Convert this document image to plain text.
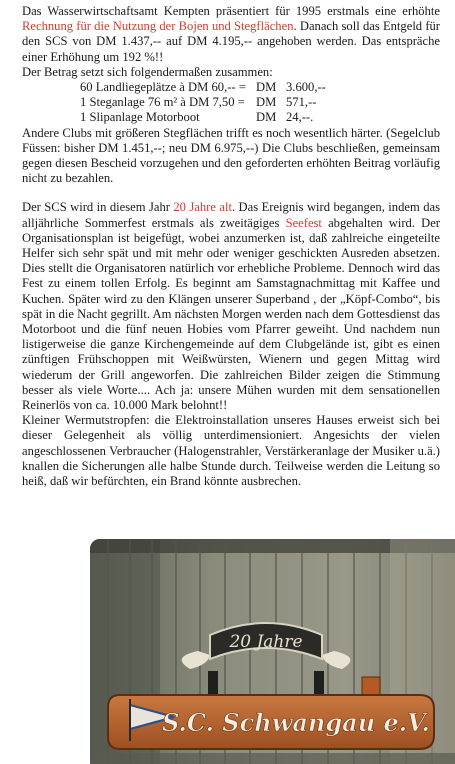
Das Wasserwirtschaftsamt Kempten präsentiert für 1995 erstmals eine erhöhte Rechnung für die Nutzung der Bojen und Stegflächen. Danach soll das Entgeld für den SCS von DM 1.437,-- auf DM 4.195,-- angehoben werden. Das entspräche einer Erhöhung um 192 %!!
Der Betrag setzt sich folgendermaßen zusammen:

60 Landliegeplätze à DM 60,-- =	DM	3.600,--
1 Steganlage 76 m² à DM 7,50 =	DM	571,--
1 Slipanlage Motorboot	DM	24,--.

Andere Clubs mit größeren Stegflächen trifft es noch wesentlich härter. (Segelclub Füssen: bisher DM 1.451,--; neu DM 6.975,--) Die Clubs beschließen, gemeinsam gegen diesen Bescheid vorzugehen und den geforderten erhöhten Beitrag vorläufig nicht zu bezahlen.

Der SCS wird in diesem Jahr 20 Jahre alt. Das Ereignis wird begangen, indem das alljährliche Sommerfest erstmals als zweitägiges Seefest abgehalten wird. Der Organisationsplan ist beigefügt, wobei anzumerken ist, daß zahlreiche eingeteilte Helfer sich sehr spät und mit mehr oder weniger geschickten Ausreden absetzen. Dies stellt die Organisatoren natürlich vor erhebliche Probleme. Dennoch wird das Fest zu einem tollen Erfolg. Es beginnt am Samstagnachmittag mit Kaffee und Kuchen. Später wird zu den Klängen unserer Superband , der „Köpf-Combo“, bis spät in die Nacht gegrillt. Am nächsten Morgen werden nach dem Gottesdienst das Motorboot und die fünf neuen Hobies vom Pfarrer geweiht. Und nachdem nun listigerweise die ganze Kirchengemeinde auf dem Clubgelände ist, gibt es einen zünftigen Frühschoppen mit Weißwürsten, Wienern und gegen Mittag wird wiederum der Grill angeworfen. Die zahlreichen Bilder zeigen die Stimmung besser als viele Worte.... Ach ja: unsere Mühen wurden mit dem sensationellen Reinerlös von ca. 10.000 Mark belohnt!!

Kleiner Wermutstropfen: die Elektroinstallation unseres Hauses erweist sich bei dieser Gelegenheit als völlig unterdimensioniert. Angesichts der vielen angeschlossenen Verbraucher (Halogenstrahler, Verstärkeranlage der Musiker u.ä.) knallen die Sicherungen alle halbe Stunde durch. Teilweise werden die Leitung so heiß, daß wir befürchten, ein Brand könnte ausbrechen.

20 Jahre
S.C. Schwangau e.V.
